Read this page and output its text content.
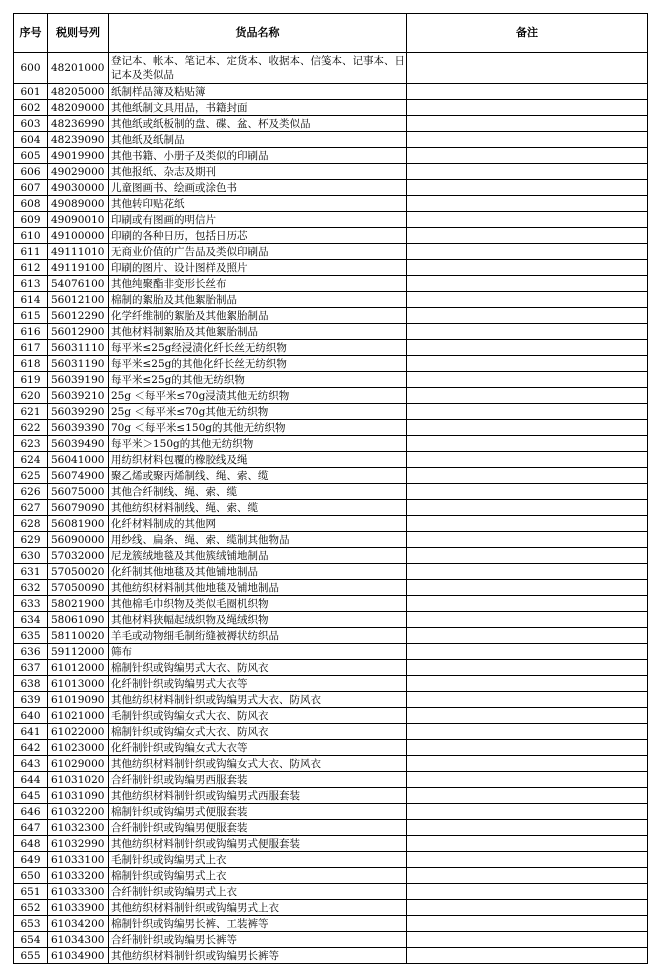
序号	税则号列	货品名称	备注
600	48201000	登记本、帐本、笔记本、定货本、收据本、信笺本、记事本、日记本及类似品	
601	48205000	纸制样品簿及粘贴簿	
602	48209000	其他纸制文具用品，书籍封面	
603	48236990	其他纸或纸板制的盘、碟、盆、杯及类似品	
604	48239090	其他纸及纸制品	
605	49019900	其他书籍、小册子及类似的印刷品	
606	49029000	其他报纸、杂志及期刊	
607	49030000	儿童图画书、绘画或涂色书	
608	49089000	其他转印贴花纸	
609	49090010	印刷或有图画的明信片	
610	49100000	印刷的各种日历，包括日历芯	
611	49111010	无商业价值的广告品及类似印刷品	
612	49119100	印刷的图片、设计图样及照片	
613	54076100	其他纯聚酯非变形长丝布	
614	56012100	棉制的絮胎及其他絮胎制品	
615	56012290	化学纤维制的絮胎及其他絮胎制品	
616	56012900	其他材料制絮胎及其他絮胎制品	
617	56031110	每平米≤25g经浸渍化纤长丝无纺织物	
618	56031190	每平米≤25g的其他化纤长丝无纺织物	
619	56039190	每平米≤25g的其他无纺织物	
620	56039210	25g ＜每平米≤70g浸渍其他无纺织物	
621	56039290	25g ＜每平米≤70g其他无纺织物	
622	56039390	70g ＜每平米≤150g的其他无纺织物	
623	56039490	每平米＞150g的其他无纺织物	
624	56041000	用纺织材料包覆的橡胶线及绳	
625	56074900	聚乙烯或聚丙烯制线、绳、索、缆	
626	56075000	其他合纤制线、绳、索、缆	
627	56079090	其他纺织材料制线、绳、索、缆	
628	56081900	化纤材料制成的其他网	
629	56090000	用纱线、扁条、绳、索、缆制其他物品	
630	57032000	尼龙簇绒地毯及其他簇绒铺地制品	
631	57050020	化纤制其他地毯及其他铺地制品	
632	57050090	其他纺织材料制其他地毯及铺地制品	
633	58021900	其他棉毛巾织物及类似毛圈机织物	
634	58061090	其他材料狭幅起绒织物及绳绒织物	
635	58110020	羊毛或动物细毛制绗缝被褥状纺织品	
636	59112000	筛布	
637	61012000	棉制针织或钩编男式大衣、防风衣	
638	61013000	化纤制针织或钩编男式大衣等	
639	61019090	其他纺织材料制针织或钩编男式大衣、防风衣	
640	61021000	毛制针织或钩编女式大衣、防风衣	
641	61022000	棉制针织或钩编女式大衣、防风衣	
642	61023000	化纤制针织或钩编女式大衣等	
643	61029000	其他纺织材料制针织或钩编女式大衣、防风衣	
644	61031020	合纤制针织或钩编男西服套装	
645	61031090	其他纺织材料制针织或钩编男式西服套装	
646	61032200	棉制针织或钩编男式便服套装	
647	61032300	合纤制针织或钩编男便服套装	
648	61032990	其他纺织材料制针织或钩编男式便服套装	
649	61033100	毛制针织或钩编男式上衣	
650	61033200	棉制针织或钩编男式上衣	
651	61033300	合纤制针织或钩编男式上衣	
652	61033900	其他纺织材料制针织或钩编男式上衣	
653	61034200	棉制针织或钩编男长裤、工装裤等	
654	61034300	合纤制针织或钩编男长裤等	
655	61034900	其他纺织材料制针织或钩编男长裤等	
